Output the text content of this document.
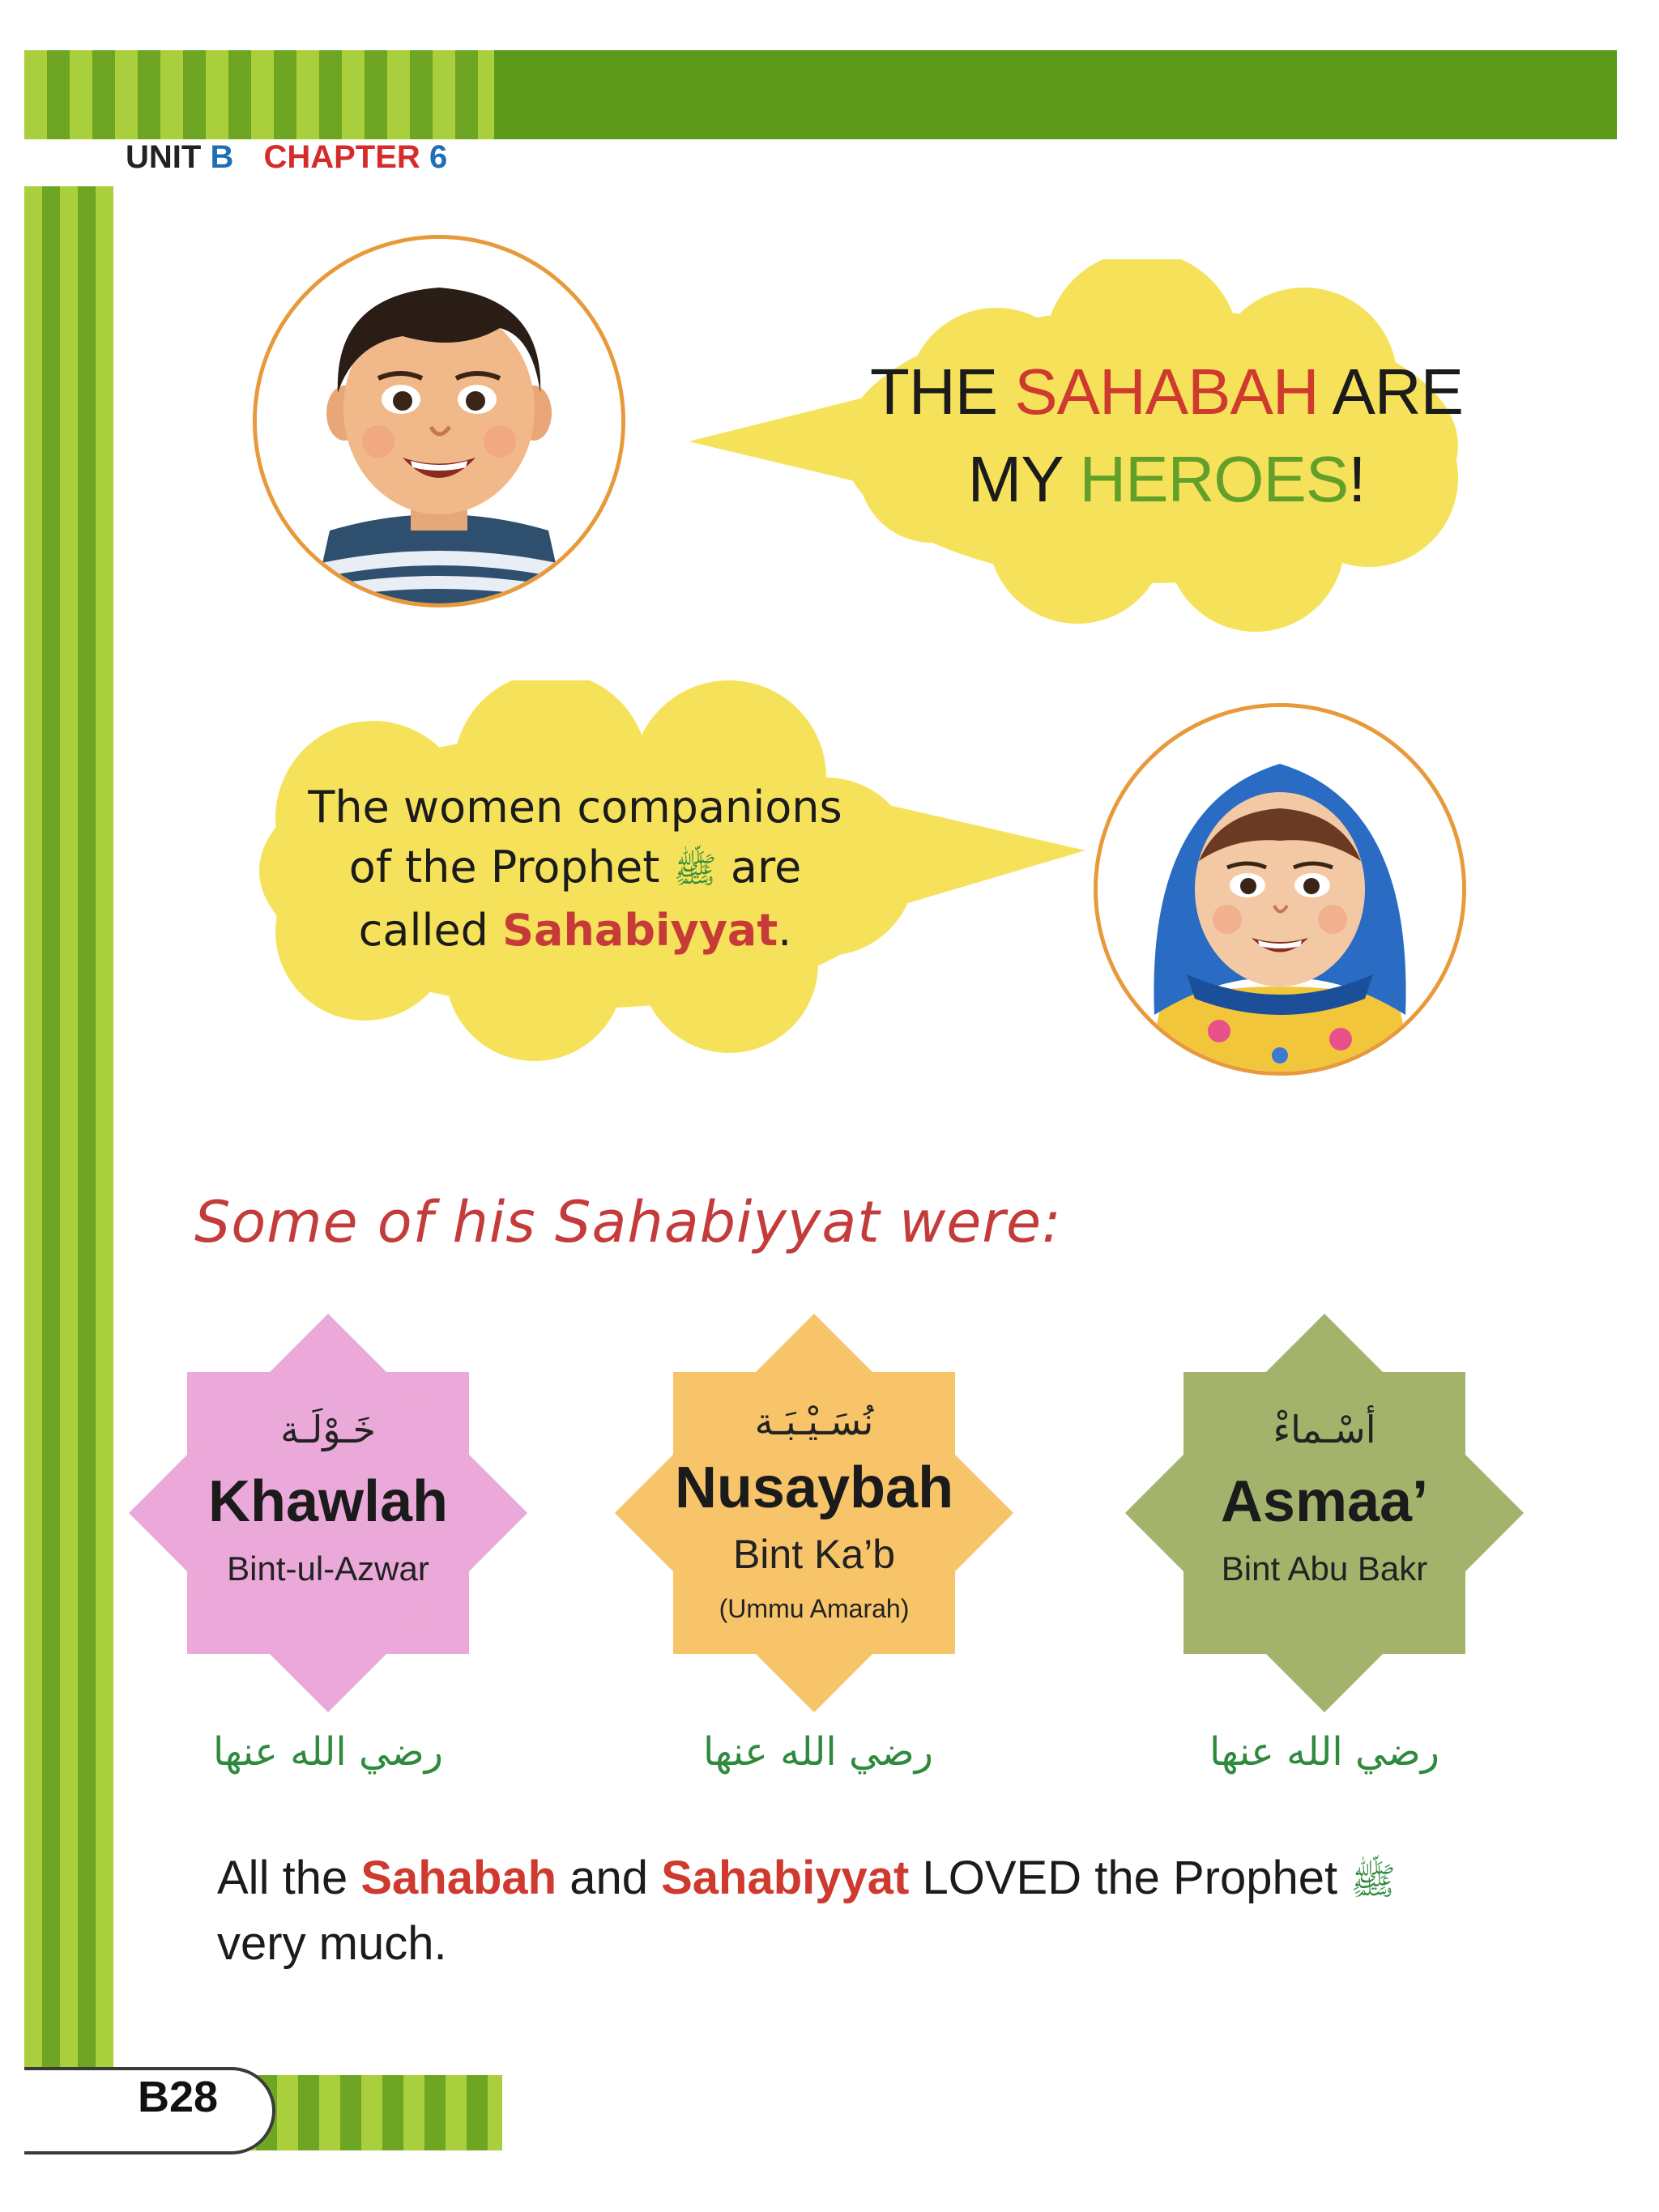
UNIT B CHAPTER 6
THE SAHABAH ARE
MY HEROES!
The women companions
of the Prophet ﷺ are
called Sahabiyyat.
Some of his Sahabiyyat were:
خَـوْلَـة
Khawlah
Bint-ul-Azwar
نُسَـيْـبَـة
Nusaybah
Bint Ka’b
(Ummu Amarah)
أسْـماءْ
Asmaa’
Bint Abu Bakr
رضي الله عنها	رضي الله عنها	رضي الله عنها
All the Sahabah and Sahabiyyat LOVED the Prophet ﷺ
very much.
B28
